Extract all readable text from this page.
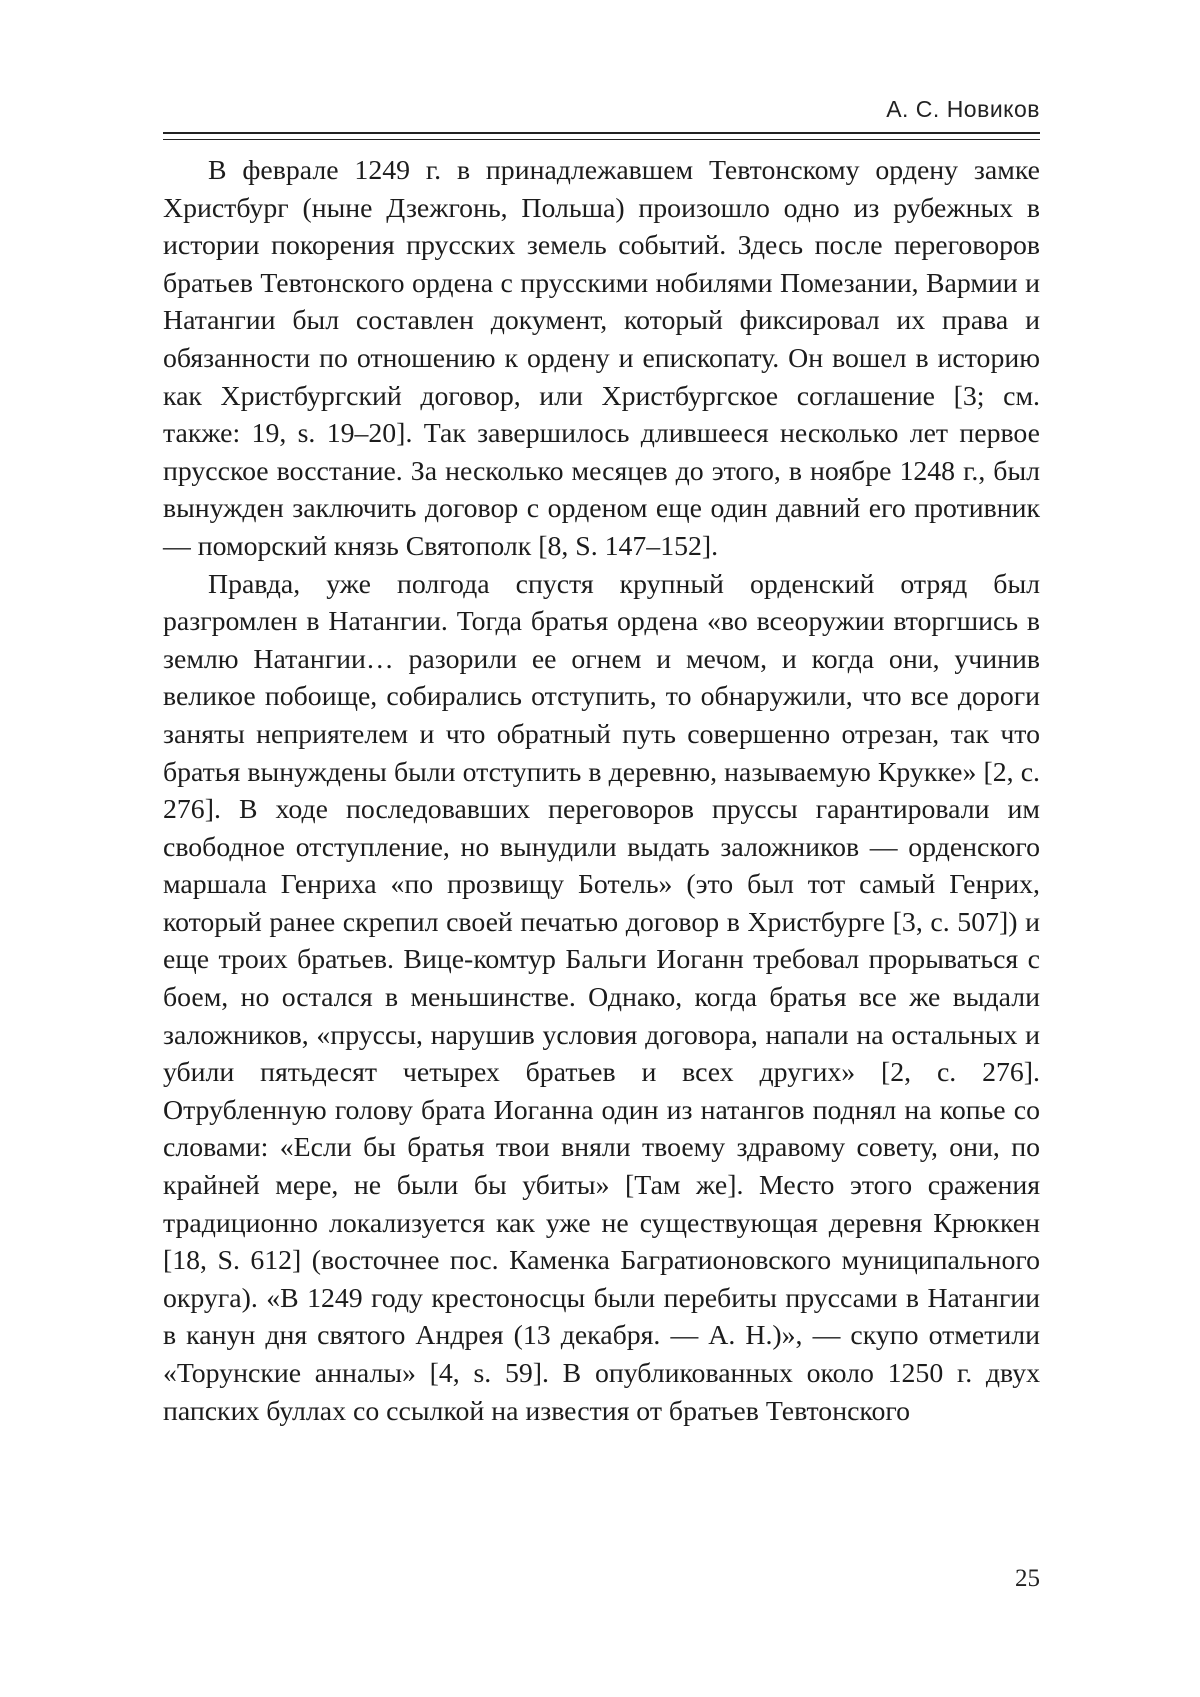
А. С. Новиков

В феврале 1249 г. в принадлежавшем Тевтонскому ордену замке Христбург (ныне Дзежгонь, Польша) произошло одно из рубежных в истории покорения прусских земель событий. Здесь после переговоров братьев Тевтонского ордена с прусскими нобилями Помезании, Вармии и Натангии был составлен документ, который фиксировал их права и обязанности по отношению к ордену и епископату. Он вошел в историю как Христбургский договор, или Христбургское соглашение [3; см. также: 19, s. 19–20]. Так завершилось длившееся несколько лет первое прусское восстание. За несколько месяцев до этого, в ноябре 1248 г., был вынужден заключить договор с орденом еще один давний его противник — поморский князь Святополк [8, S. 147–152].

Правда, уже полгода спустя крупный орденский отряд был разгромлен в Натангии. Тогда братья ордена «во всеоружии вторгшись в землю Натангии… разорили ее огнем и мечом, и когда они, учинив великое побоище, собирались отступить, то обнаружили, что все дороги заняты неприятелем и что обратный путь совершенно отрезан, так что братья вынуждены были отступить в деревню, называемую Крукке» [2, с. 276]. В ходе последовавших переговоров пруссы гарантировали им свободное отступление, но вынудили выдать заложников — орденского маршала Генриха «по прозвищу Ботель» (это был тот самый Генрих, который ранее скрепил своей печатью договор в Христбурге [3, с. 507]) и еще троих братьев. Вице-комтур Бальги Иоганн требовал прорываться с боем, но остался в меньшинстве. Однако, когда братья все же выдали заложников, «пруссы, нарушив условия договора, напали на остальных и убили пятьдесят четырех братьев и всех других» [2, с. 276]. Отрубленную голову брата Иоганна один из натангов поднял на копье со словами: «Если бы братья твои вняли твоему здравому совету, они, по крайней мере, не были бы убиты» [Там же]. Место этого сражения традиционно локализуется как уже не существующая деревня Крюккен [18, S. 612] (восточнее пос. Каменка Багратионовского муниципального округа). «В 1249 году крестоносцы были перебиты пруссами в Натангии в канун дня святого Андрея (13 декабря. — А. Н.)», — скупо отметили «Торунские анналы» [4, s. 59]. В опубликованных около 1250 г. двух папских буллах со ссылкой на известия от братьев Тевтонского

25
